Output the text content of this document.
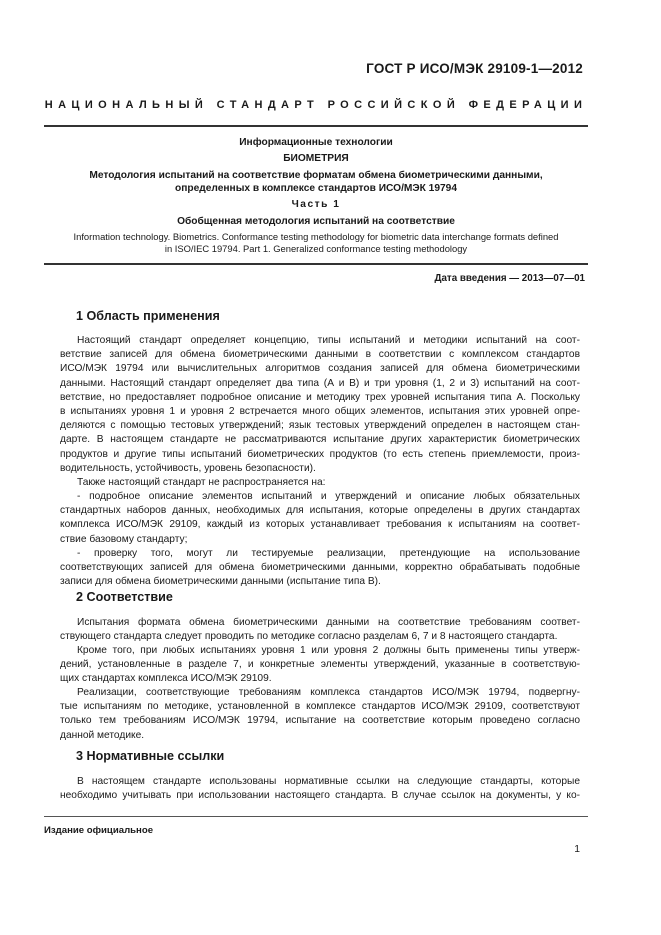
ГОСТ Р ИСО/МЭК 29109-1—2012
НАЦИОНАЛЬНЫЙ СТАНДАРТ РОССИЙСКОЙ ФЕДЕРАЦИИ
Информационные технологии
БИОМЕТРИЯ
Методология испытаний на соответствие форматам обмена биометрическими данными,
определенных в комплексе стандартов ИСО/МЭК 19794
Часть 1
Обобщенная методология испытаний на соответствие
Information technology. Biometrics. Conformance testing methodology for biometric data interchange formats defined
in ISO/IEC 19794. Part 1. Generalized conformance testing methodology
Дата введения — 2013—07—01
1 Область применения
Настоящий стандарт определяет концепцию, типы испытаний и методики испытаний на соот-
ветствие записей для обмена биометрическими данными в соответствии с комплексом стандартов
ИСО/МЭК 19794 или вычислительных алгоритмов создания записей для обмена биометрическими
данными. Настоящий стандарт определяет два типа (А и В) и три уровня (1, 2 и 3) испытаний на соот-
ветствие, но предоставляет подробное описание и методику трех уровней испытания типа А. Поскольку
в испытаниях уровня 1 и уровня 2 встречается много общих элементов, испытания этих уровней опре-
деляются с помощью тестовых утверждений; язык тестовых утверждений определен в настоящем стан-
дарте. В настоящем стандарте не рассматриваются испытание других характеристик биометрических
продуктов и другие типы испытаний биометрических продуктов (то есть степень приемлемости, произ-
водительность, устойчивость, уровень безопасности).
Также настоящий стандарт не распространяется на:
- подробное описание элементов испытаний и утверждений и описание любых обязательных
стандартных наборов данных, необходимых для испытания, которые определены в других стандартах
комплекса ИСО/МЭК 29109, каждый из которых устанавливает требования к испытаниям на соответ-
ствие базовому стандарту;
- проверку того, могут ли тестируемые реализации, претендующие на использование
соответствующих записей для обмена биометрическими данными, корректно обрабатывать подобные
записи для обмена биометрическими данными (испытание типа В).
2 Соответствие
Испытания формата обмена биометрическими данными на соответствие требованиям соответ-
ствующего стандарта следует проводить по методике согласно разделам 6, 7 и 8 настоящего стандарта.
Кроме того, при любых испытаниях уровня 1 или уровня 2 должны быть применены типы утверж-
дений, установленные в разделе 7, и конкретные элементы утверждений, указанные в соответствую-
щих стандартах комплекса ИСО/МЭК 29109.
Реализации, соответствующие требованиям комплекса стандартов ИСО/МЭК 19794, подвергну-
тые испытаниям по методике, установленной в комплексе стандартов ИСО/МЭК 29109, соответствуют
только тем требованиям ИСО/МЭК 19794, испытание на соответствие которым проведено согласно
данной методике.
3 Нормативные ссылки
В настоящем стандарте использованы нормативные ссылки на следующие стандарты, которые
необходимо учитывать при использовании настоящего стандарта. В случае ссылок на документы, у ко-
Издание официальное
1
